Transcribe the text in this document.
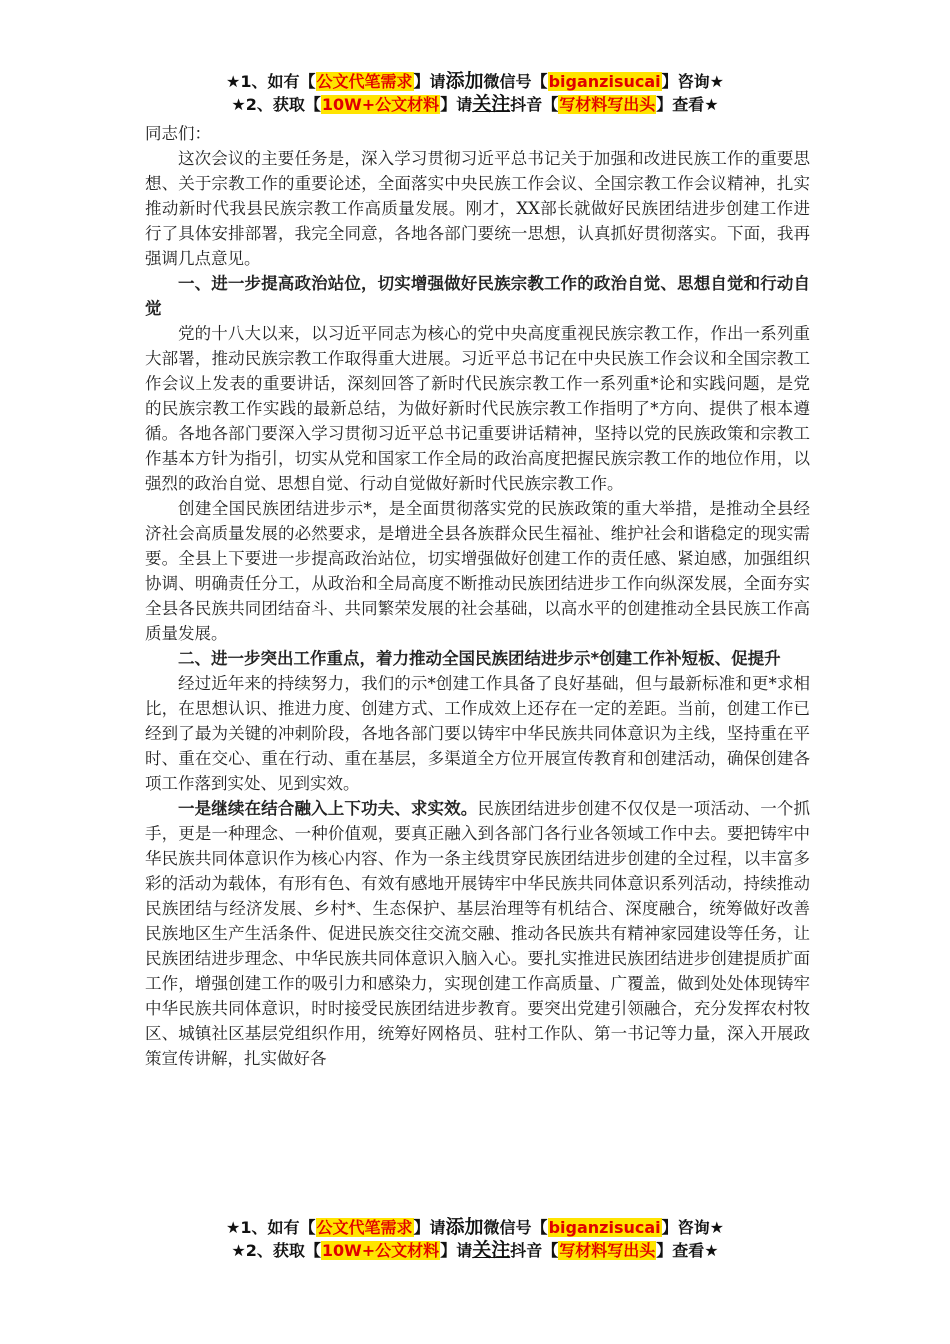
★1、如有【公文代笔需求】请添加微信号【biganzisucai】咨询★
★2、获取【10W+公文材料】请关注抖音【写材料写出头】查看★

同志们：

这次会议的主要任务是，深入学习贯彻习近平总书记关于加强和改进民族工作的重要思想、关于宗教工作的重要论述，全面落实中央民族工作会议、全国宗教工作会议精神，扎实推动新时代我县民族宗教工作高质量发展。刚才，XX部长就做好民族团结进步创建工作进行了具体安排部署，我完全同意，各地各部门要统一思想，认真抓好贯彻落实。下面，我再强调几点意见。

一、进一步提高政治站位，切实增强做好民族宗教工作的政治自觉、思想自觉和行动自觉

党的十八大以来，以习近平同志为核心的党中央高度重视民族宗教工作，作出一系列重大部署，推动民族宗教工作取得重大进展。习近平总书记在中央民族工作会议和全国宗教工作会议上发表的重要讲话，深刻回答了新时代民族宗教工作一系列重*论和实践问题，是党的民族宗教工作实践的最新总结，为做好新时代民族宗教工作指明了*方向、提供了根本遵循。各地各部门要深入学习贯彻习近平总书记重要讲话精神，坚持以党的民族政策和宗教工作基本方针为指引，切实从党和国家工作全局的政治高度把握民族宗教工作的地位作用，以强烈的政治自觉、思想自觉、行动自觉做好新时代民族宗教工作。

创建全国民族团结进步示*，是全面贯彻落实党的民族政策的重大举措，是推动全县经济社会高质量发展的必然要求，是增进全县各族群众民生福祉、维护社会和谐稳定的现实需要。全县上下要进一步提高政治站位，切实增强做好创建工作的责任感、紧迫感，加强组织协调、明确责任分工，从政治和全局高度不断推动民族团结进步工作向纵深发展，全面夯实全县各民族共同团结奋斗、共同繁荣发展的社会基础，以高水平的创建推动全县民族工作高质量发展。

二、进一步突出工作重点，着力推动全国民族团结进步示*创建工作补短板、促提升

经过近年来的持续努力，我们的示*创建工作具备了良好基础，但与最新标准和更*求相比，在思想认识、推进力度、创建方式、工作成效上还存在一定的差距。当前，创建工作已经到了最为关键的冲刺阶段，各地各部门要以铸牢中华民族共同体意识为主线，坚持重在平时、重在交心、重在行动、重在基层，多渠道全方位开展宣传教育和创建活动，确保创建各项工作落到实处、见到实效。

一是继续在结合融入上下功夫、求实效。民族团结进步创建不仅仅是一项活动、一个抓手，更是一种理念、一种价值观，要真正融入到各部门各行业各领域工作中去。要把铸牢中华民族共同体意识作为核心内容、作为一条主线贯穿民族团结进步创建的全过程，以丰富多彩的活动为载体，有形有色、有效有感地开展铸牢中华民族共同体意识系列活动，持续推动民族团结与经济发展、乡村*、生态保护、基层治理等有机结合、深度融合，统筹做好改善民族地区生产生活条件、促进民族交往交流交融、推动各民族共有精神家园建设等任务，让民族团结进步理念、中华民族共同体意识入脑入心。要扎实推进民族团结进步创建提质扩面工作，增强创建工作的吸引力和感染力，实现创建工作高质量、广覆盖，做到处处体现铸牢中华民族共同体意识，时时接受民族团结进步教育。要突出党建引领融合，充分发挥农村牧区、城镇社区基层党组织作用，统筹好网格员、驻村工作队、第一书记等力量，深入开展政策宣传讲解，扎实做好各

★1、如有【公文代笔需求】请添加微信号【biganzisucai】咨询★
★2、获取【10W+公文材料】请关注抖音【写材料写出头】查看★
